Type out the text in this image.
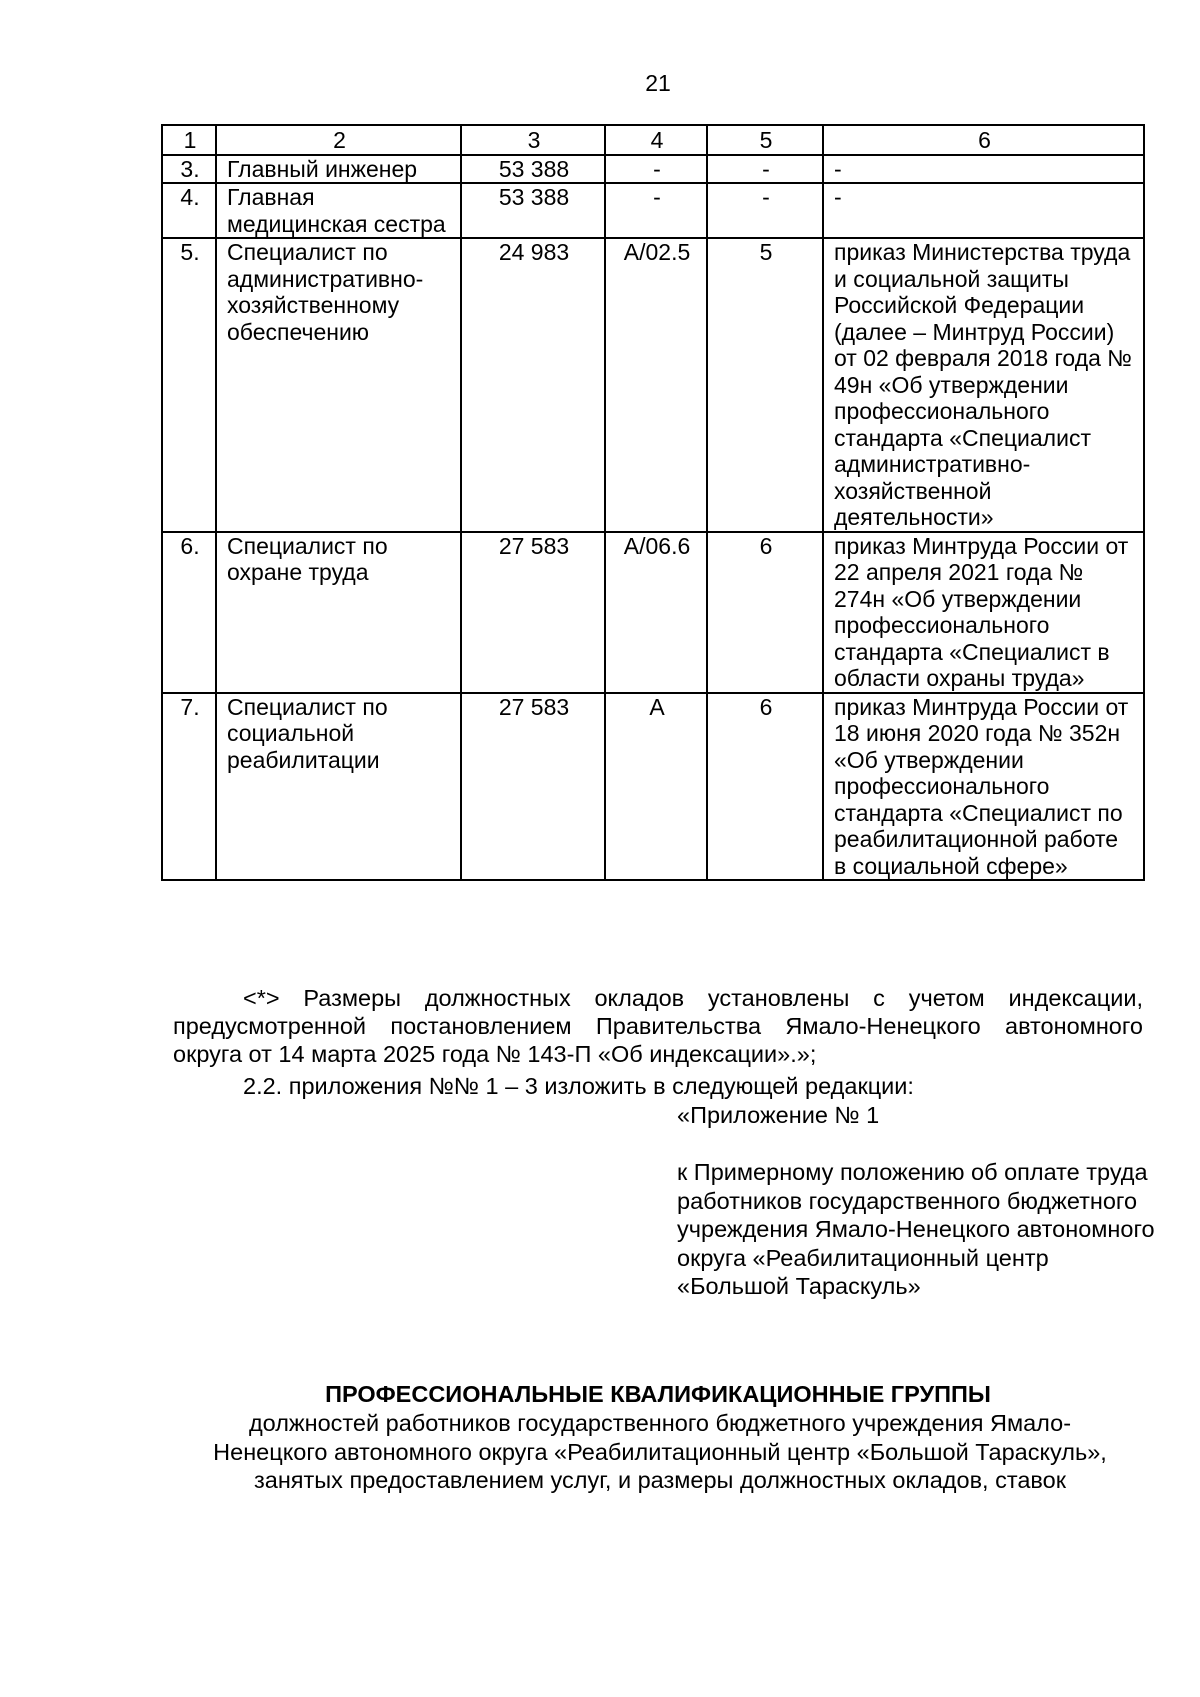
21
1	2	3	4	5	6
3.	Главный инженер	53 388	-	-	-
4.	Главная медицинская сестра	53 388	-	-	-
5.	Специалист по административно-хозяйственному обеспечению	24 983	А/02.5	5	приказ Министерства труда и социальной защиты Российской Федерации (далее – Минтруд России) от 02 февраля 2018 года № 49н «Об утверждении профессионального стандарта «Специалист административно-хозяйственной деятельности»
6.	Специалист по охране труда	27 583	А/06.6	6	приказ Минтруда России от 22 апреля 2021 года № 274н «Об утверждении профессионального стандарта «Специалист в области охраны труда»
7.	Специалист по социальной реабилитации	27 583	А	6	приказ Минтруда России от 18 июня 2020 года № 352н «Об утверждении профессионального стандарта «Специалист по реабилитационной работе в социальной сфере»

<*> Размеры должностных окладов установлены с учетом индексации, предусмотренной постановлением Правительства Ямало-Ненецкого автономного округа от 14 марта 2025 года № 143-П «Об индексации».»;

2.2. приложения №№ 1 – 3 изложить в следующей редакции:

«Приложение № 1

к Примерному положению об оплате труда работников государственного бюджетного учреждения Ямало-Ненецкого автономного округа «Реабилитационный центр «Большой Тараскуль»

ПРОФЕССИОНАЛЬНЫЕ КВАЛИФИКАЦИОННЫЕ ГРУППЫ
должностей работников государственного бюджетного учреждения Ямало-Ненецкого автономного округа «Реабилитационный центр «Большой Тараскуль», занятых предоставлением услуг, и размеры должностных окладов, ставок
